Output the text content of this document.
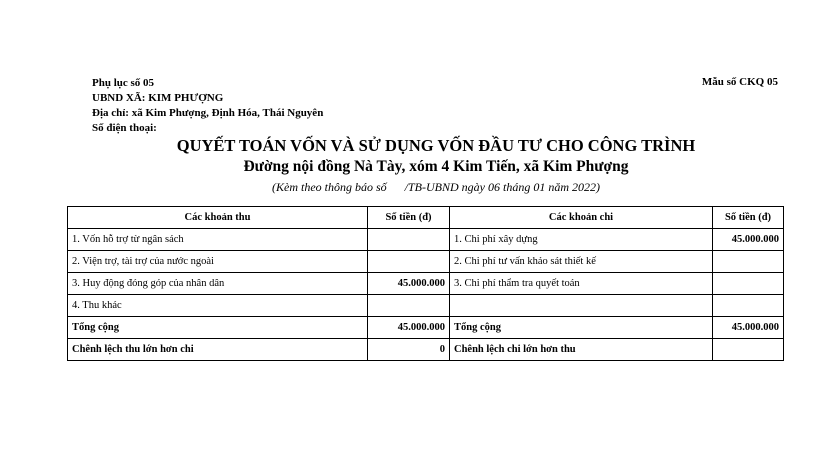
Phụ lục số 05
UBND XÃ: KIM PHƯỢNG
Địa chỉ: xã Kim Phượng, Định Hóa, Thái Nguyên
Số điện thoại:
Mẫu số CKQ 05
QUYẾT TOÁN VỐN VÀ SỬ DỤNG VỐN ĐẦU TƯ CHO CÔNG TRÌNH
Đường nội đồng Nà Tày, xóm 4 Kim Tiến, xã Kim Phượng
(Kèm theo thông báo số /TB-UBND ngày 06 tháng 01 năm 2022)
Các khoản thu	Số tiền (đ)	Các khoản chi	Số tiền (đ)
1. Vốn hỗ trợ từ ngân sách		1. Chi phí xây dựng	45.000.000
2. Viện trợ, tài trợ của nước ngoài		2. Chi phí tư vấn khảo sát thiết kế	
3. Huy động đóng góp của nhân dân	45.000.000	3. Chi phí thẩm tra quyết toán	
4. Thu khác			
Tổng cộng	45.000.000	Tổng cộng	45.000.000
Chênh lệch thu lớn hơn chi	0	Chênh lệch chi lớn hơn thu	
